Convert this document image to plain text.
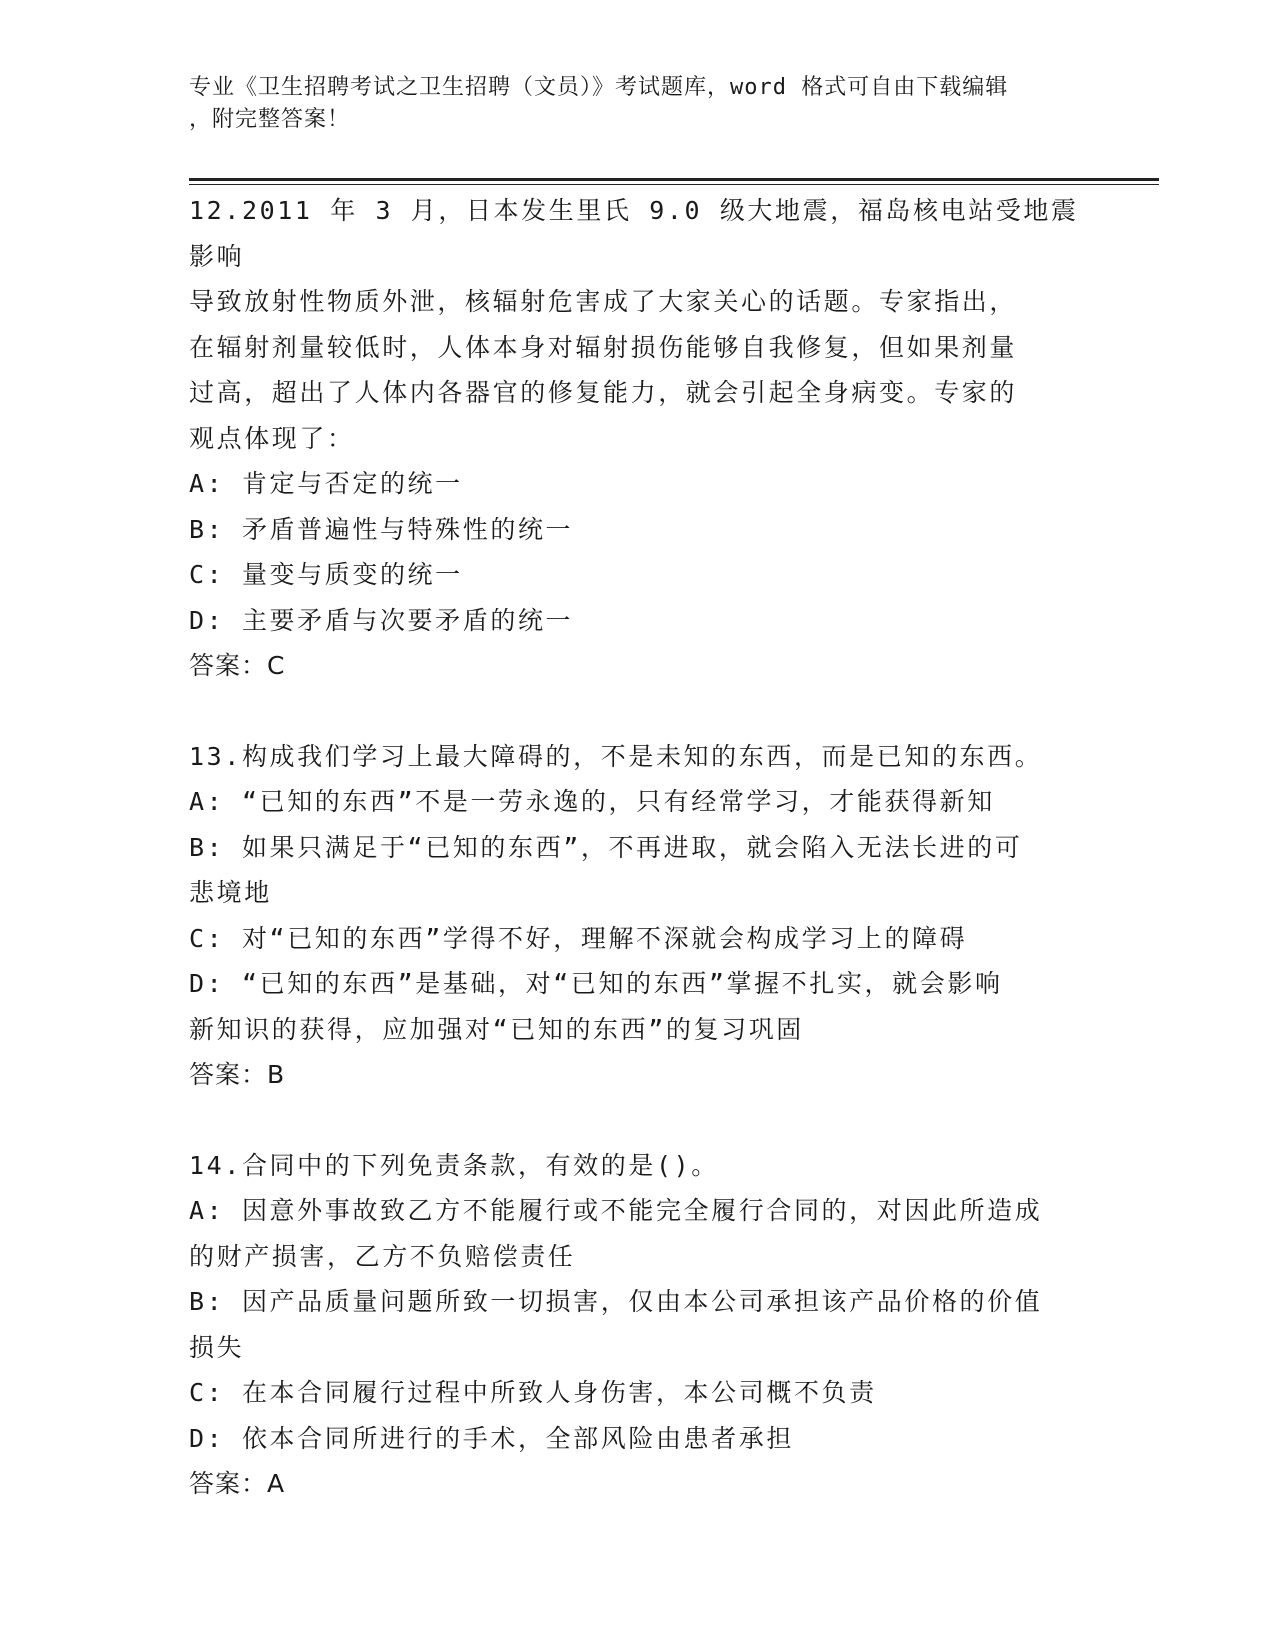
专业《卫生招聘考试之卫生招聘（文员）》考试题库，word 格式可自由下载编辑
，附完整答案！
12.2011 年 3 月，日本发生里氏 9.0 级大地震，福岛核电站受地震影响
导致放射性物质外泄，核辐射危害成了大家关心的话题。专家指出，
在辐射剂量较低时，人体本身对辐射损伤能够自我修复，但如果剂量
过高，超出了人体内各器官的修复能力，就会引起全身病变。专家的
观点体现了：
A: 肯定与否定的统一
B: 矛盾普遍性与特殊性的统一
C: 量变与质变的统一
D: 主要矛盾与次要矛盾的统一
答案：C
13.构成我们学习上最大障碍的，不是未知的东西，而是已知的东西。
A: “已知的东西”不是一劳永逸的，只有经常学习，才能获得新知
B: 如果只满足于“已知的东西”，不再进取，就会陷入无法长进的可
悲境地
C: 对“已知的东西”学得不好，理解不深就会构成学习上的障碍
D: “已知的东西”是基础，对“已知的东西”掌握不扎实，就会影响
新知识的获得，应加强对“已知的东西”的复习巩固
答案：B
14.合同中的下列免责条款，有效的是()。
A: 因意外事故致乙方不能履行或不能完全履行合同的，对因此所造成
的财产损害，乙方不负赔偿责任
B: 因产品质量问题所致一切损害，仅由本公司承担该产品价格的价值
损失
C: 在本合同履行过程中所致人身伤害，本公司概不负责
D: 依本合同所进行的手术，全部风险由患者承担
答案：A
